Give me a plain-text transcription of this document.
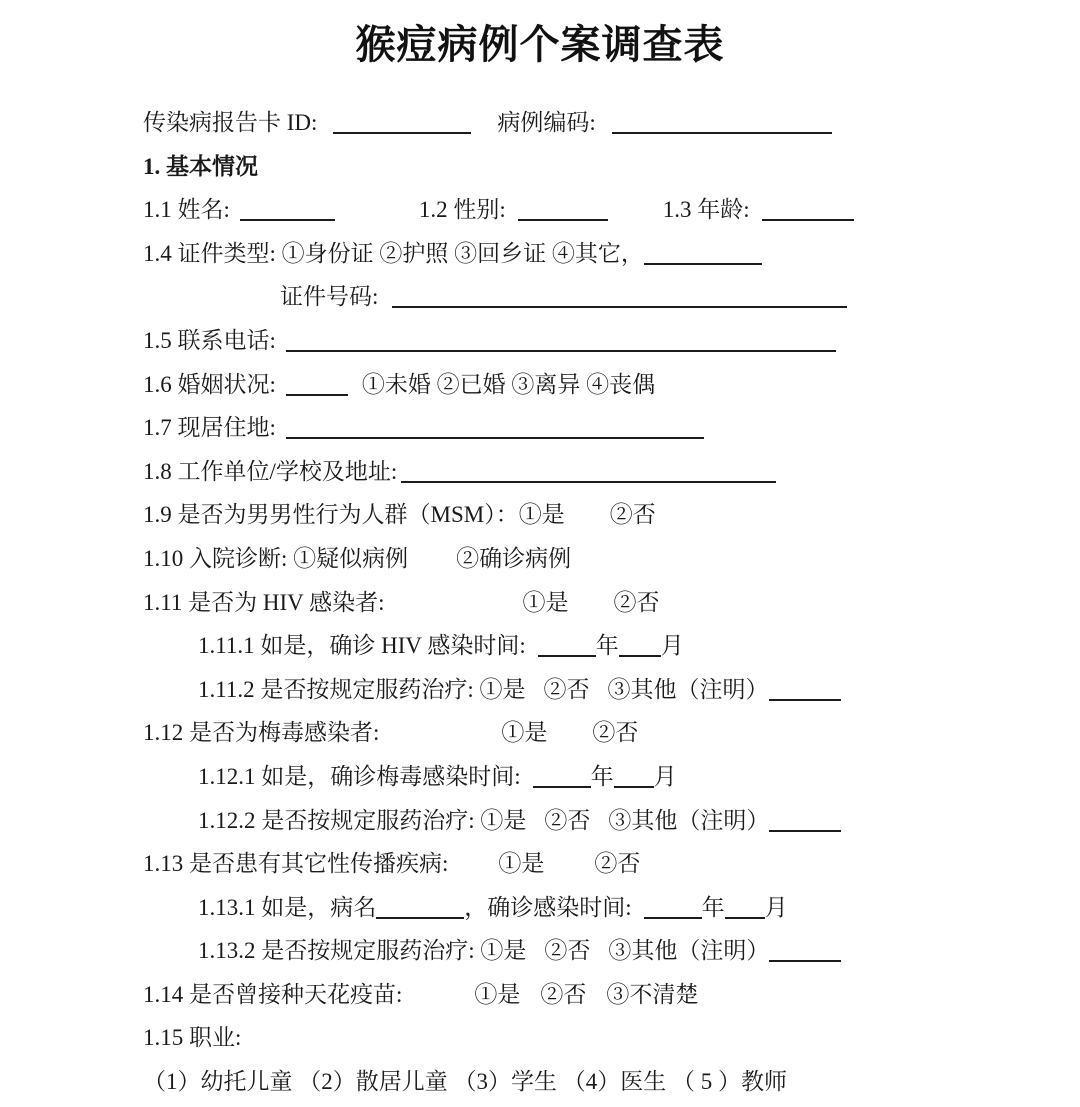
猴痘病例个案调查表
传染病报告卡 ID:	病例编码:
1. 基本情况
1.1 姓名:	1.2 性别:	1.3 年龄:
1.4 证件类型: ①身份证 ②护照 ③回乡证 ④其它，
证件号码:
1.5 联系电话:
1.6 婚姻状况:	①未婚 ②已婚 ③离异 ④丧偶
1.7 现居住地:
1.8 工作单位/学校及地址:
1.9 是否为男男性行为人群（MSM）：①是 ②否
1.10 入院诊断: ①疑似病例 ②确诊病例
1.11 是否为 HIV 感染者:	①是 ②否
1.11.1 如是，确诊 HIV 感染时间:	年 月
1.11.2 是否按规定服药治疗: ①是 ②否 ③其他（注明）
1.12 是否为梅毒感染者:	①是 ②否
1.12.1 如是，确诊梅毒感染时间:	年 月
1.12.2 是否按规定服药治疗: ①是 ②否 ③其他（注明）
1.13 是否患有其它性传播疾病: ①是 ②否
1.13.1 如是，病名	，确诊感染时间:	年 月
1.13.2 是否按规定服药治疗: ①是 ②否 ③其他（注明）
1.14 是否曾接种天花疫苗:	①是 ②否 ③不清楚
1.15 职业:
（1）幼托儿童 （2）散居儿童 （3）学生 （4）医生 （ 5 ）教师
